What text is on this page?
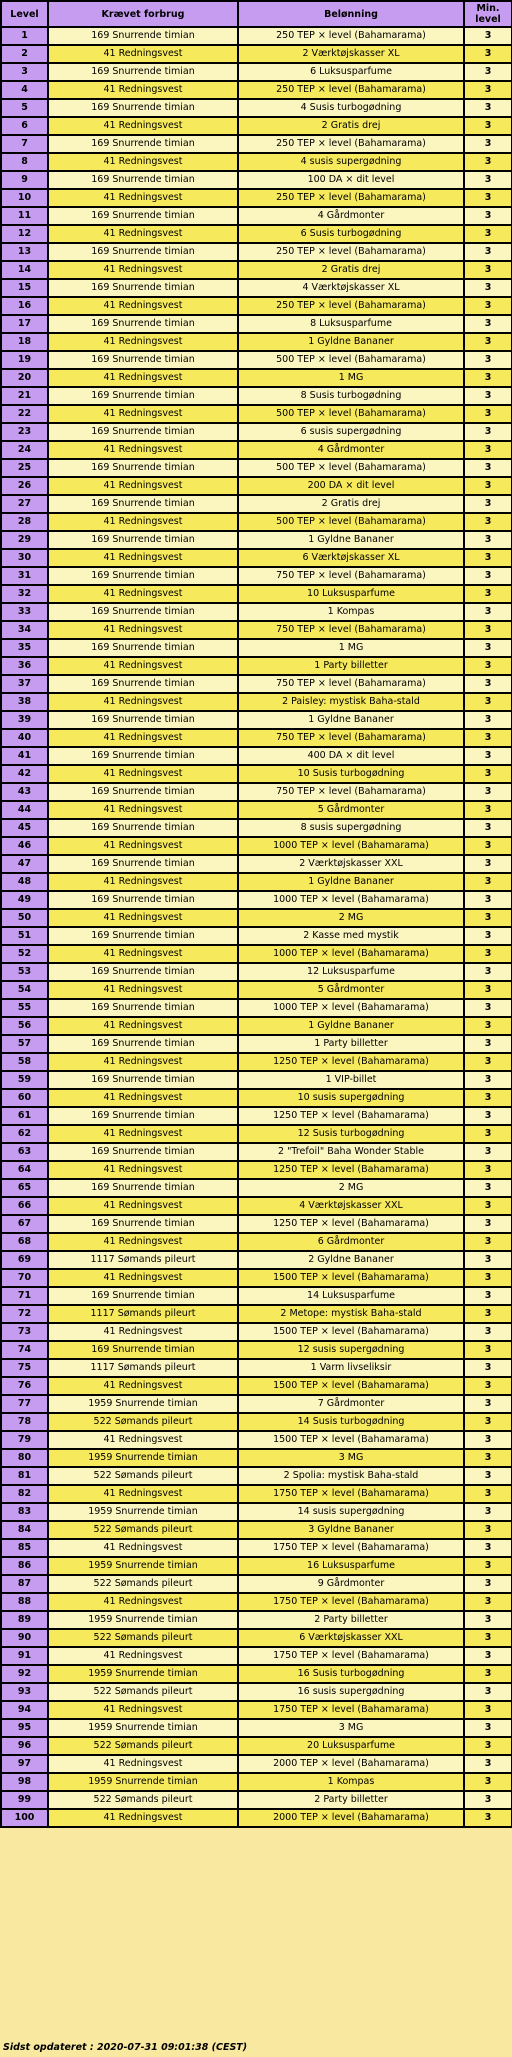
Level	Krævet forbrug	Belønning	Min. level
1	169 Snurrende timian	250 TEP × level (Bahamarama)	3
2	41 Redningsvest	2 Værktøjskasser XL	3
3	169 Snurrende timian	6 Luksusparfume	3
4	41 Redningsvest	250 TEP × level (Bahamarama)	3
5	169 Snurrende timian	4 Susis turbogødning	3
6	41 Redningsvest	2 Gratis drej	3
7	169 Snurrende timian	250 TEP × level (Bahamarama)	3
8	41 Redningsvest	4 susis supergødning	3
9	169 Snurrende timian	100 DA × dit level	3
10	41 Redningsvest	250 TEP × level (Bahamarama)	3
11	169 Snurrende timian	4 Gårdmonter	3
12	41 Redningsvest	6 Susis turbogødning	3
13	169 Snurrende timian	250 TEP × level (Bahamarama)	3
14	41 Redningsvest	2 Gratis drej	3
15	169 Snurrende timian	4 Værktøjskasser XL	3
16	41 Redningsvest	250 TEP × level (Bahamarama)	3
17	169 Snurrende timian	8 Luksusparfume	3
18	41 Redningsvest	1 Gyldne Bananer	3
19	169 Snurrende timian	500 TEP × level (Bahamarama)	3
20	41 Redningsvest	1 MG	3
21	169 Snurrende timian	8 Susis turbogødning	3
22	41 Redningsvest	500 TEP × level (Bahamarama)	3
23	169 Snurrende timian	6 susis supergødning	3
24	41 Redningsvest	4 Gårdmonter	3
25	169 Snurrende timian	500 TEP × level (Bahamarama)	3
26	41 Redningsvest	200 DA × dit level	3
27	169 Snurrende timian	2 Gratis drej	3
28	41 Redningsvest	500 TEP × level (Bahamarama)	3
29	169 Snurrende timian	1 Gyldne Bananer	3
30	41 Redningsvest	6 Værktøjskasser XL	3
31	169 Snurrende timian	750 TEP × level (Bahamarama)	3
32	41 Redningsvest	10 Luksusparfume	3
33	169 Snurrende timian	1 Kompas	3
34	41 Redningsvest	750 TEP × level (Bahamarama)	3
35	169 Snurrende timian	1 MG	3
36	41 Redningsvest	1 Party billetter	3
37	169 Snurrende timian	750 TEP × level (Bahamarama)	3
38	41 Redningsvest	2 Paisley: mystisk Baha-stald	3
39	169 Snurrende timian	1 Gyldne Bananer	3
40	41 Redningsvest	750 TEP × level (Bahamarama)	3
41	169 Snurrende timian	400 DA × dit level	3
42	41 Redningsvest	10 Susis turbogødning	3
43	169 Snurrende timian	750 TEP × level (Bahamarama)	3
44	41 Redningsvest	5 Gårdmonter	3
45	169 Snurrende timian	8 susis supergødning	3
46	41 Redningsvest	1000 TEP × level (Bahamarama)	3
47	169 Snurrende timian	2 Værktøjskasser XXL	3
48	41 Redningsvest	1 Gyldne Bananer	3
49	169 Snurrende timian	1000 TEP × level (Bahamarama)	3
50	41 Redningsvest	2 MG	3
51	169 Snurrende timian	2 Kasse med mystik	3
52	41 Redningsvest	1000 TEP × level (Bahamarama)	3
53	169 Snurrende timian	12 Luksusparfume	3
54	41 Redningsvest	5 Gårdmonter	3
55	169 Snurrende timian	1000 TEP × level (Bahamarama)	3
56	41 Redningsvest	1 Gyldne Bananer	3
57	169 Snurrende timian	1 Party billetter	3
58	41 Redningsvest	1250 TEP × level (Bahamarama)	3
59	169 Snurrende timian	1 VIP-billet	3
60	41 Redningsvest	10 susis supergødning	3
61	169 Snurrende timian	1250 TEP × level (Bahamarama)	3
62	41 Redningsvest	12 Susis turbogødning	3
63	169 Snurrende timian	2 "Trefoil" Baha Wonder Stable	3
64	41 Redningsvest	1250 TEP × level (Bahamarama)	3
65	169 Snurrende timian	2 MG	3
66	41 Redningsvest	4 Værktøjskasser XXL	3
67	169 Snurrende timian	1250 TEP × level (Bahamarama)	3
68	41 Redningsvest	6 Gårdmonter	3
69	1117 Sømands pileurt	2 Gyldne Bananer	3
70	41 Redningsvest	1500 TEP × level (Bahamarama)	3
71	169 Snurrende timian	14 Luksusparfume	3
72	1117 Sømands pileurt	2 Metope: mystisk Baha-stald	3
73	41 Redningsvest	1500 TEP × level (Bahamarama)	3
74	169 Snurrende timian	12 susis supergødning	3
75	1117 Sømands pileurt	1 Varm livseliksir	3
76	41 Redningsvest	1500 TEP × level (Bahamarama)	3
77	1959 Snurrende timian	7 Gårdmonter	3
78	522 Sømands pileurt	14 Susis turbogødning	3
79	41 Redningsvest	1500 TEP × level (Bahamarama)	3
80	1959 Snurrende timian	3 MG	3
81	522 Sømands pileurt	2 Spolia: mystisk Baha-stald	3
82	41 Redningsvest	1750 TEP × level (Bahamarama)	3
83	1959 Snurrende timian	14 susis supergødning	3
84	522 Sømands pileurt	3 Gyldne Bananer	3
85	41 Redningsvest	1750 TEP × level (Bahamarama)	3
86	1959 Snurrende timian	16 Luksusparfume	3
87	522 Sømands pileurt	9 Gårdmonter	3
88	41 Redningsvest	1750 TEP × level (Bahamarama)	3
89	1959 Snurrende timian	2 Party billetter	3
90	522 Sømands pileurt	6 Værktøjskasser XXL	3
91	41 Redningsvest	1750 TEP × level (Bahamarama)	3
92	1959 Snurrende timian	16 Susis turbogødning	3
93	522 Sømands pileurt	16 susis supergødning	3
94	41 Redningsvest	1750 TEP × level (Bahamarama)	3
95	1959 Snurrende timian	3 MG	3
96	522 Sømands pileurt	20 Luksusparfume	3
97	41 Redningsvest	2000 TEP × level (Bahamarama)	3
98	1959 Snurrende timian	1 Kompas	3
99	522 Sømands pileurt	2 Party billetter	3
100	41 Redningsvest	2000 TEP × level (Bahamarama)	3
Sidst opdateret : 2020-07-31 09:01:38 (CEST)
